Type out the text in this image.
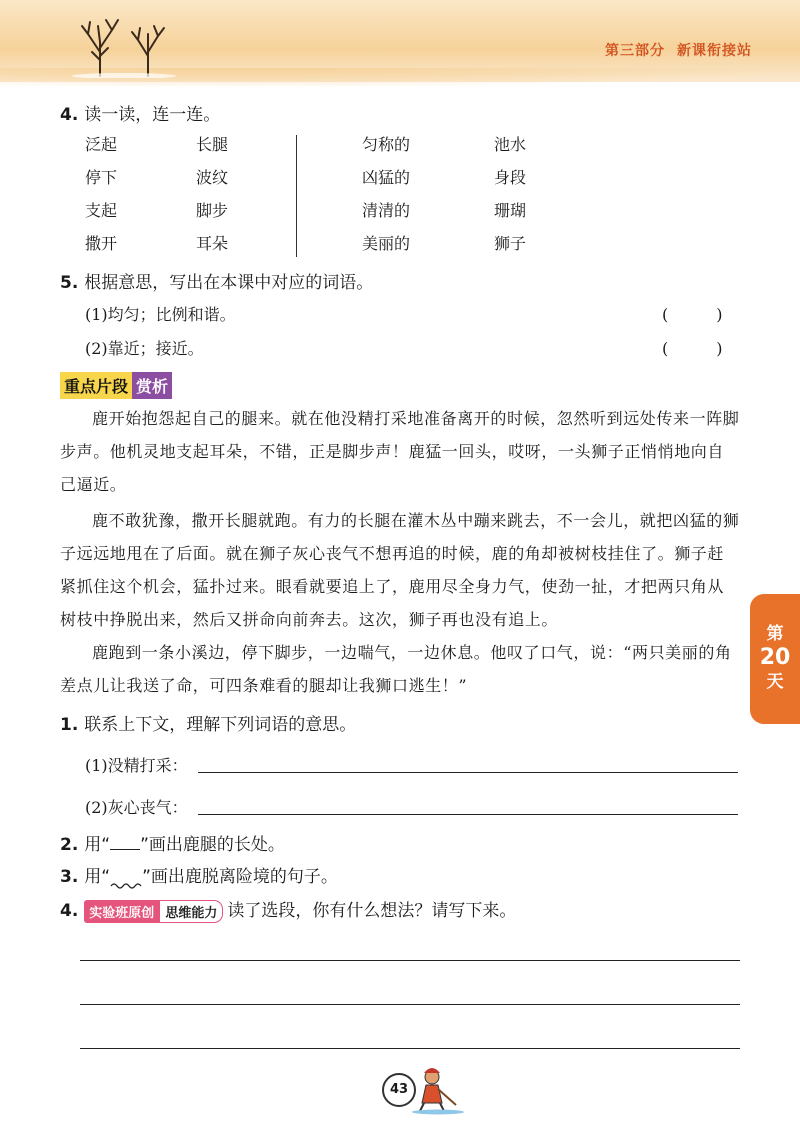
第三部分 新课衔接站
4. 读一读，连一连。
泛起
停下
支起
撒开
长腿
波纹
脚步
耳朵
匀称的
凶猛的
清清的
美丽的
池水
身段
珊瑚
狮子
5. 根据意思，写出在本课中对应的词语。
(1)均匀；比例和谐。	(　　　)
(2)靠近；接近。	(　　　)
重点片段 赏析
鹿开始抱怨起自己的腿来。就在他没精打采地准备离开的时候，忽然听到远处传来一阵脚步声。他机灵地支起耳朵，不错，正是脚步声！鹿猛一回头，哎呀，一头狮子正悄悄地向自己逼近。
鹿不敢犹豫，撒开长腿就跑。有力的长腿在灌木丛中蹦来跳去，不一会儿，就把凶猛的狮子远远地甩在了后面。就在狮子灰心丧气不想再追的时候，鹿的角却被树枝挂住了。狮子赶紧抓住这个机会，猛扑过来。眼看就要追上了，鹿用尽全身力气，使劲一扯，才把两只角从树枝中挣脱出来，然后又拼命向前奔去。这次，狮子再也没有追上。
鹿跑到一条小溪边，停下脚步，一边喘气，一边休息。他叹了口气，说：“两只美丽的角差点儿让我送了命，可四条难看的腿却让我狮口逃生！”
第
20
天
1. 联系上下文，理解下列词语的意思。
(1)没精打采：
(2)灰心丧气：
2. 用“ ”画出鹿腿的长处。
3. 用“ ”画出鹿脱离险境的句子。
4. 实验班原创 思维能力 读了选段，你有什么想法？请写下来。
43
